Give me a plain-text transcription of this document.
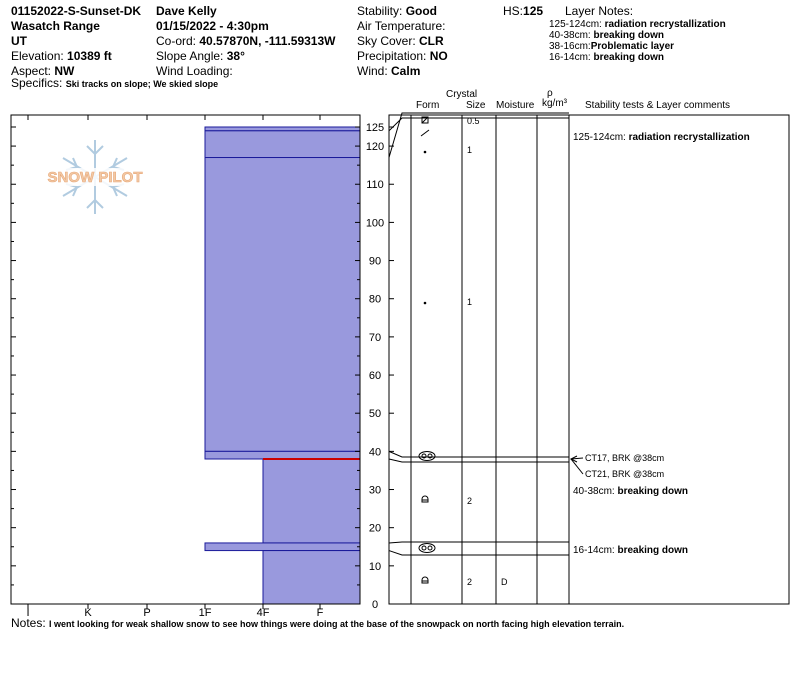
01152022-S-Sunset-DK
Wasatch Range
UT
Elevation: 10389 ft
Aspect: NW
Dave Kelly
01/15/2022 - 4:30pm
Co-ord: 40.57870N, -111.59313W
Slope Angle: 38°
Wind Loading:
Stability: Good
Air Temperature:
Sky Cover: CLR
Precipitation: NO
Wind: Calm
HS:125 Layer Notes:
125-124cm: radiation recrystallization
40-38cm: breaking down
38-16cm:Problematic layer
16-14cm: breaking down
Specifics: Ski tracks on slope; We skied slope
Crystal
Form	Size Moisture
ρ
kg/m³ Stability tests & Layer comments
SNOW PILOT
I	K	P	1F	4F	F
0
10
20
30
40
50
60
70
80
90
100
110
120
125
0.5
1
1
2
2	D
125-124cm: radiation recrystallization
40-38cm: breaking down
16-14cm: breaking down
CT17, BRK @38cm
CT21, BRK @38cm
Notes: I went looking for weak shallow snow to see how things were doing at the base of the snowpack on north facing high elevation terrain.
